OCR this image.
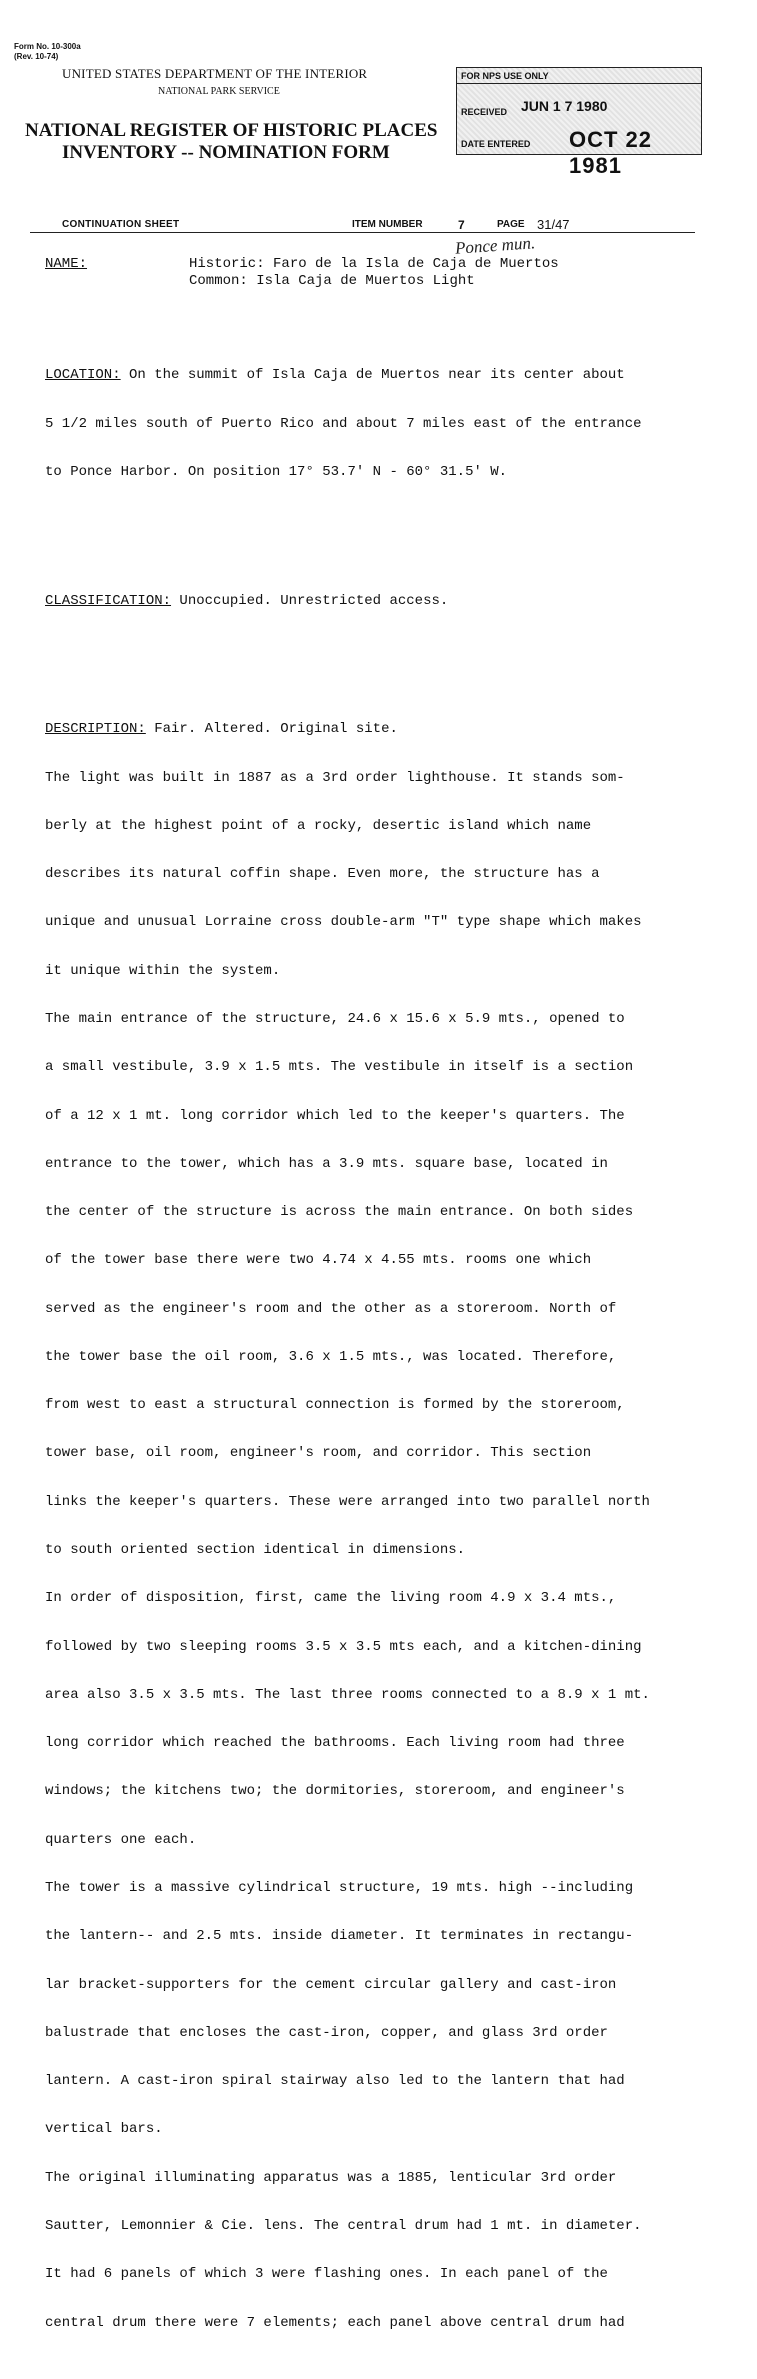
Form No. 10-300a
(Rev. 10-74)
UNITED STATES DEPARTMENT OF THE INTERIOR
NATIONAL PARK SERVICE
NATIONAL REGISTER OF HISTORIC PLACES
INVENTORY -- NOMINATION FORM
FOR NPS USE ONLY
RECEIVED JUN 1 7 1980
DATE ENTERED OCT 22 1981
CONTINUATION SHEET	ITEM NUMBER	7	PAGE 31/47
Ponce mun.
NAME:	Historic: Faro de la Isla de Caja de Muertos
Common: Isla Caja de Muertos Light

LOCATION: On the summit of Isla Caja de Muertos near its center about

5 1/2 miles south of Puerto Rico and about 7 miles east of the entrance

to Ponce Harbor. On position 17° 53.7' N - 60° 31.5' W.

CLASSIFICATION: Unoccupied. Unrestricted access.

DESCRIPTION: Fair. Altered. Original site.

The light was built in 1887 as a 3rd order lighthouse. It stands som-

berly at the highest point of a rocky, desertic island which name

describes its natural coffin shape. Even more, the structure has a

unique and unusual Lorraine cross double-arm "T" type shape which makes

it unique within the system.

The main entrance of the structure, 24.6 x 15.6 x 5.9 mts., opened to

a small vestibule, 3.9 x 1.5 mts. The vestibule in itself is a section

of a 12 x 1 mt. long corridor which led to the keeper's quarters. The

entrance to the tower, which has a 3.9 mts. square base, located in

the center of the structure is across the main entrance. On both sides

of the tower base there were two 4.74 x 4.55 mts. rooms one which

served as the engineer's room and the other as a storeroom. North of

the tower base the oil room, 3.6 x 1.5 mts., was located. Therefore,

from west to east a structural connection is formed by the storeroom,

tower base, oil room, engineer's room, and corridor. This section

links the keeper's quarters. These were arranged into two parallel north

to south oriented section identical in dimensions.

In order of disposition, first, came the living room 4.9 x 3.4 mts.,

followed by two sleeping rooms 3.5 x 3.5 mts each, and a kitchen-dining

area also 3.5 x 3.5 mts. The last three rooms connected to a 8.9 x 1 mt.

long corridor which reached the bathrooms. Each living room had three

windows; the kitchens two; the dormitories, storeroom, and engineer's

quarters one each.

The tower is a massive cylindrical structure, 19 mts. high --including

the lantern-- and 2.5 mts. inside diameter. It terminates in rectangu-

lar bracket-supporters for the cement circular gallery and cast-iron

balustrade that encloses the cast-iron, copper, and glass 3rd order

lantern. A cast-iron spiral stairway also led to the lantern that had

vertical bars.

The original illuminating apparatus was a 1885, lenticular 3rd order

Sautter, Lemonnier & Cie. lens. The central drum had 1 mt. in diameter.

It had 6 panels of which 3 were flashing ones. In each panel of the

central drum there were 7 elements; each panel above central drum had
